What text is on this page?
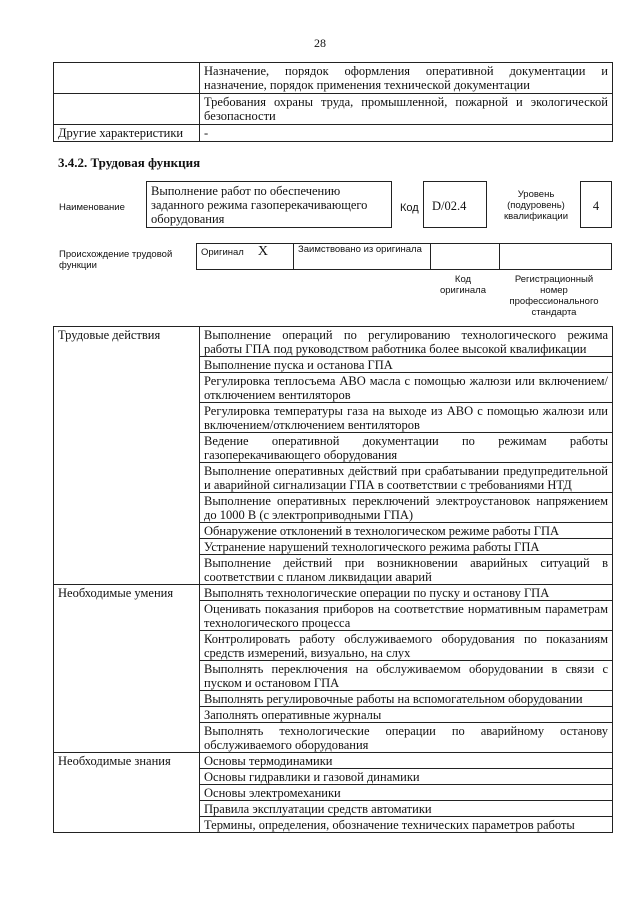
28
	Назначение, порядок оформления оперативной документации и назначение, порядок применения технической документации
	Требования охраны труда, промышленной, пожарной и экологической безопасности
Другие характеристики	-
3.4.2. Трудовая функция
Наименование
Выполнение работ по обеспечению заданного режима газоперекачивающего оборудования
Код	D/02.4
Уровень (подуровень) квалификации
4
Происхождение трудовой функции
Оригинал X	Заимствовано из оригинала		
Код оригинала
Регистрационный номер профессионального стандарта
Трудовые действия	Выполнение операций по регулированию технологического режима работы ГПА под руководством работника более высокой квалификации
	Выполнение пуска и останова ГПА
	Регулировка теплосъема АВО масла с помощью жалюзи или включением/отключением вентиляторов
	Регулировка температуры газа на выходе из АВО с помощью жалюзи или включением/отключением вентиляторов
	Ведение оперативной документации по режимам работы газоперекачивающего оборудования
	Выполнение оперативных действий при срабатывании предупредительной и аварийной сигнализации ГПА в соответствии с требованиями НТД
	Выполнение оперативных переключений электроустановок напряжением до 1000 В (с электроприводными ГПА)
	Обнаружение отклонений в технологическом режиме работы ГПА
	Устранение нарушений технологического режима работы ГПА
	Выполнение действий при возникновении аварийных ситуаций в соответствии с планом ликвидации аварий
Необходимые умения	Выполнять технологические операции по пуску и останову ГПА
	Оценивать показания приборов на соответствие нормативным параметрам технологического процесса
	Контролировать работу обслуживаемого оборудования по показаниям средств измерений, визуально, на слух
	Выполнять переключения на обслуживаемом оборудовании в связи с пуском и остановом ГПА
	Выполнять регулировочные работы на вспомогательном оборудовании
	Заполнять оперативные журналы
	Выполнять технологические операции по аварийному останову обслуживаемого оборудования
Необходимые знания	Основы термодинамики
	Основы гидравлики и газовой динамики
	Основы электромеханики
	Правила эксплуатации средств автоматики
	Термины, определения, обозначение технических параметров работы
